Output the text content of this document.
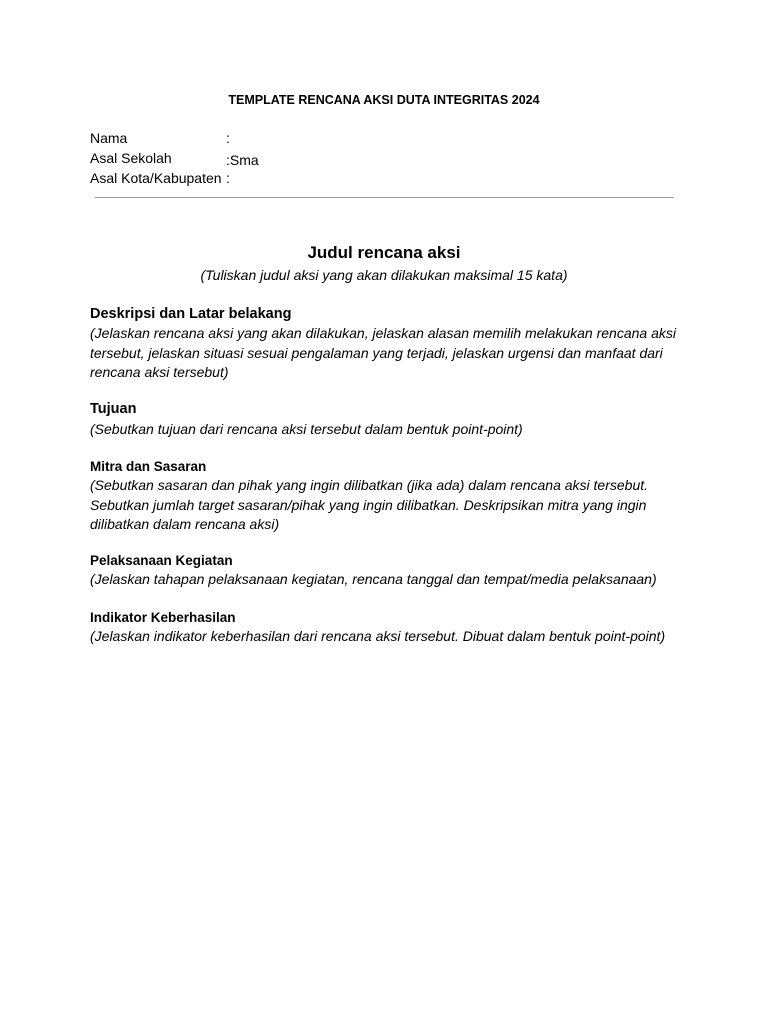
TEMPLATE RENCANA AKSI DUTA INTEGRITAS 2024
Nama	:
Asal Sekolah	:Sma
Asal Kota/Kabupaten :
Judul rencana aksi
(Tuliskan judul aksi yang akan dilakukan maksimal 15 kata)
Deskripsi dan Latar belakang
(Jelaskan rencana aksi yang akan dilakukan, jelaskan alasan memilih melakukan rencana aksi
tersebut, jelaskan situasi sesuai pengalaman yang terjadi, jelaskan urgensi dan manfaat dari
rencana aksi tersebut)
Tujuan
(Sebutkan tujuan dari rencana aksi tersebut dalam bentuk point-point)
Mitra dan Sasaran
(Sebutkan sasaran dan pihak yang ingin dilibatkan (jika ada) dalam rencana aksi tersebut.
Sebutkan jumlah target sasaran/pihak yang ingin dilibatkan. Deskripsikan mitra yang ingin
dilibatkan dalam rencana aksi)
Pelaksanaan Kegiatan
(Jelaskan tahapan pelaksanaan kegiatan, rencana tanggal dan tempat/media pelaksanaan)
Indikator Keberhasilan
(Jelaskan indikator keberhasilan dari rencana aksi tersebut. Dibuat dalam bentuk point-point)
